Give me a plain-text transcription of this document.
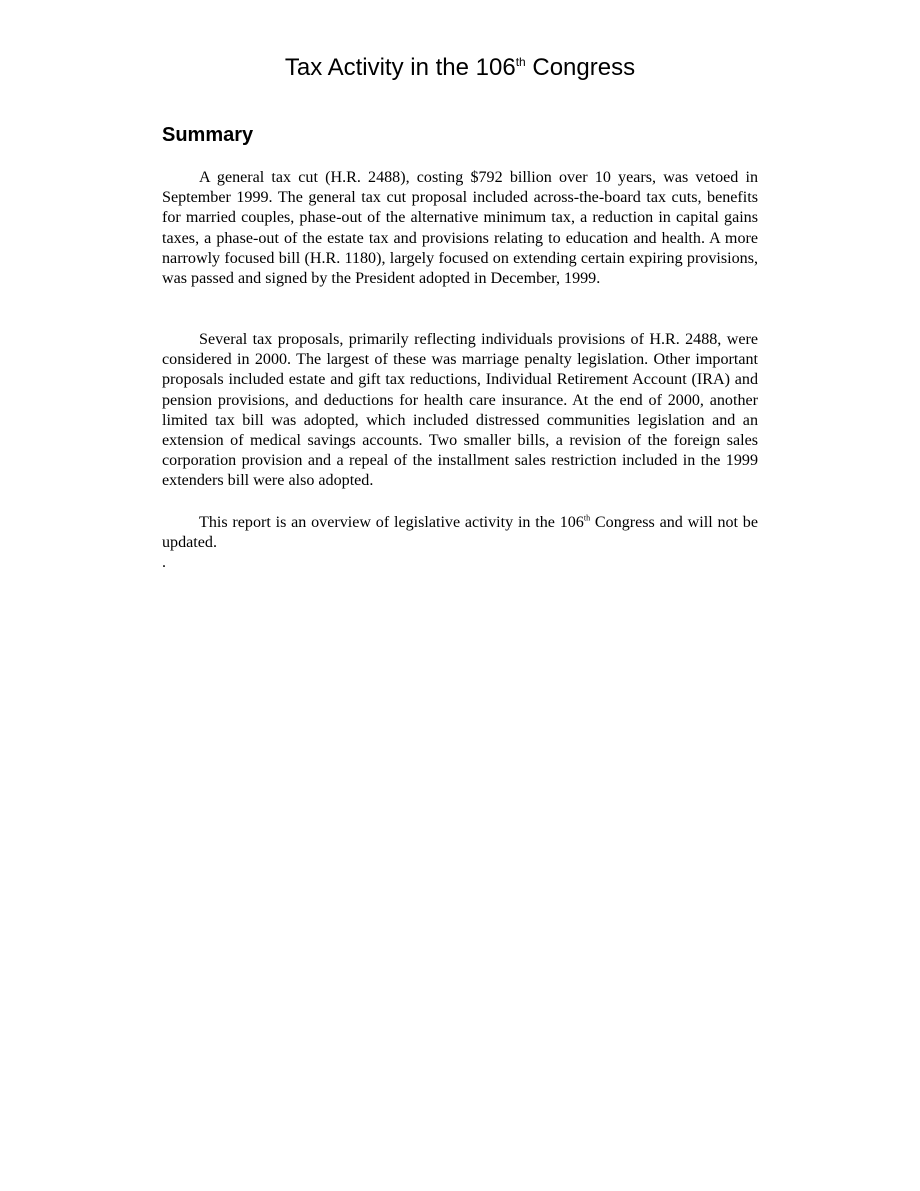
Tax Activity in the 106th Congress
Summary

A general tax cut (H.R. 2488), costing $792 billion over 10 years, was vetoed in September 1999. The general tax cut proposal included across-the-board tax cuts, benefits for married couples, phase-out of the alternative minimum tax, a reduction in capital gains taxes, a phase-out of the estate tax and provisions relating to education and health. A more narrowly focused bill (H.R. 1180), largely focused on extending certain expiring provisions, was passed and signed by the President adopted in December, 1999.

Several tax proposals, primarily reflecting individuals provisions of H.R. 2488, were considered in 2000. The largest of these was marriage penalty legislation. Other important proposals included estate and gift tax reductions, Individual Retirement Account (IRA) and pension provisions, and deductions for health care insurance. At the end of 2000, another limited tax bill was adopted, which included distressed communities legislation and an extension of medical savings accounts. Two smaller bills, a revision of the foreign sales corporation provision and a repeal of the installment sales restriction included in the 1999 extenders bill were also adopted.

This report is an overview of legislative activity in the 106th Congress and will not be updated.

.
